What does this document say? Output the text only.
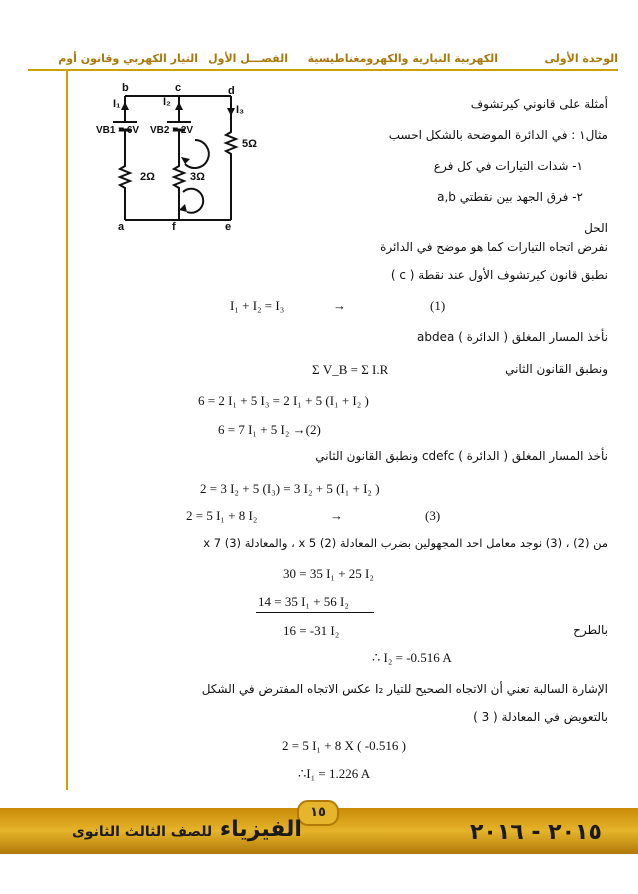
الوحدة الأولى
الكهربية التيارية والكهرومغناطيسية
الفصـــل الأول
التيار الكهربي وقانون أوم
b	c	d
a	f	e
I₁	I₂
I₃
VB1 = 6V VB2 = 2V
2Ω	3Ω
5Ω
أمثلة على قانوني كيرتشوف
مثال١ : في الدائرة الموضحة بالشكل احسب
١- شدات التيارات في كل فرع
٢- فرق الجهد بين نقطتي a,b
الحل
نفرض اتجاه التيارات كما هو موضح في الدائرة
نطبق قانون كيرتشوف الأول عند نقطة ( c )
I₁ + I₂ = I₃	→	(1)
نأخذ المسار المغلق ( الدائرة ) abdea
ونطبق القانون الثاني
Σ V_B = Σ I.R
6 = 2 I₁ + 5 I₃ = 2 I₁ + 5 (I₁ + I₂ )
6 = 7 I₁ + 5 I₂ →(2)
نأخذ المسار المغلق ( الدائرة ) cdefc ونطبق القانون الثاني
2 = 3 I₂ + 5 (I₃) = 3 I₂ + 5 (I₁ + I₂ )
2 = 5 I₁ + 8 I₂	→	(3)
من (2) ، (3) نوجد معامل احد المجهولين بضرب المعادلة (2) x 5 ، والمعادلة (3) x 7
30 = 35 I₁ + 25 I₂
14 = 35 I₁ + 56 I₂
بالطرح
16 = -31 I₂
∴ I₂ = -0.516 A
الإشارة السالبة تعني أن الاتجاه الصحيح للتيار I₂ عكس الاتجاه المفترض في الشكل
بالتعويض في المعادلة ( 3 )
2 = 5 I₁ + 8 X ( -0.516 )
∴I₁ = 1.226 A
١٥
٢٠١٥ - ٢٠١٦
الفيزياء للصف الثالث الثانوى
